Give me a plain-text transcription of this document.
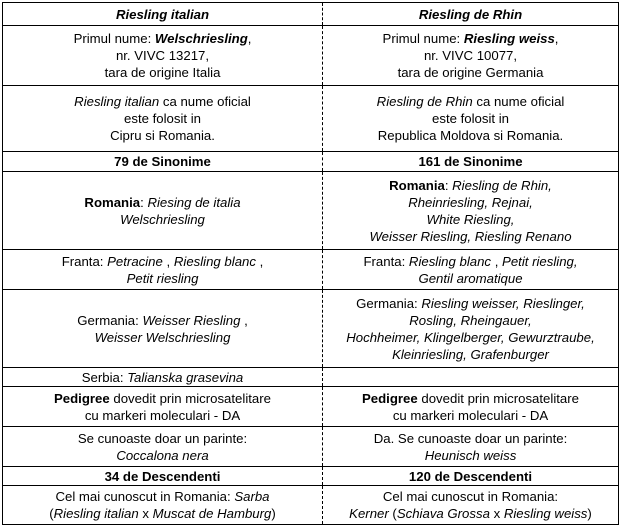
Riesling italian	Riesling de Rhin

Primul nume: Welschriesling,
nr. VIVC 13217,
tara de origine Italia	Primul nume: Riesling weiss,
nr. VIVC 10077,
tara de origine Germania

Riesling italian ca nume oficial
este folosit in
Cipru si Romania.	Riesling de Rhin ca nume oficial
este folosit in
Republica Moldova si Romania.

79 de Sinonime	161 de Sinonime

Romania: Riesing de italia
Welschriesling	Romania: Riesling de Rhin,
Rheinriesling, Rejnai,
White Riesling,
Weisser Riesling, Riesling Renano

Franta: Petracine , Riesling blanc ,
Petit riesling	Franta: Riesling blanc , Petit riesling,
Gentil aromatique

Germania: Weisser Riesling ,
Weisser Welschriesling	Germania: Riesling weisser, Rieslinger,
Rosling, Rheingauer,
Hochheimer, Klingelberger, Gewurztraube,
Kleinriesling, Grafenburger

Serbia: Talianska grasevina	

Pedigree dovedit prin microsatelitare
cu markeri moleculari - DA	Pedigree dovedit prin microsatelitare
cu markeri moleculari - DA

Se cunoaste doar un parinte:
Coccalona nera	Da. Se cunoaste doar un parinte:
Heunisch weiss

34 de Descendenti	120 de Descendenti

Cel mai cunoscut in Romania: Sarba
(Riesling italian x Muscat de Hamburg)	Cel mai cunoscut in Romania:
Kerner (Schiava Grossa x Riesling weiss)
